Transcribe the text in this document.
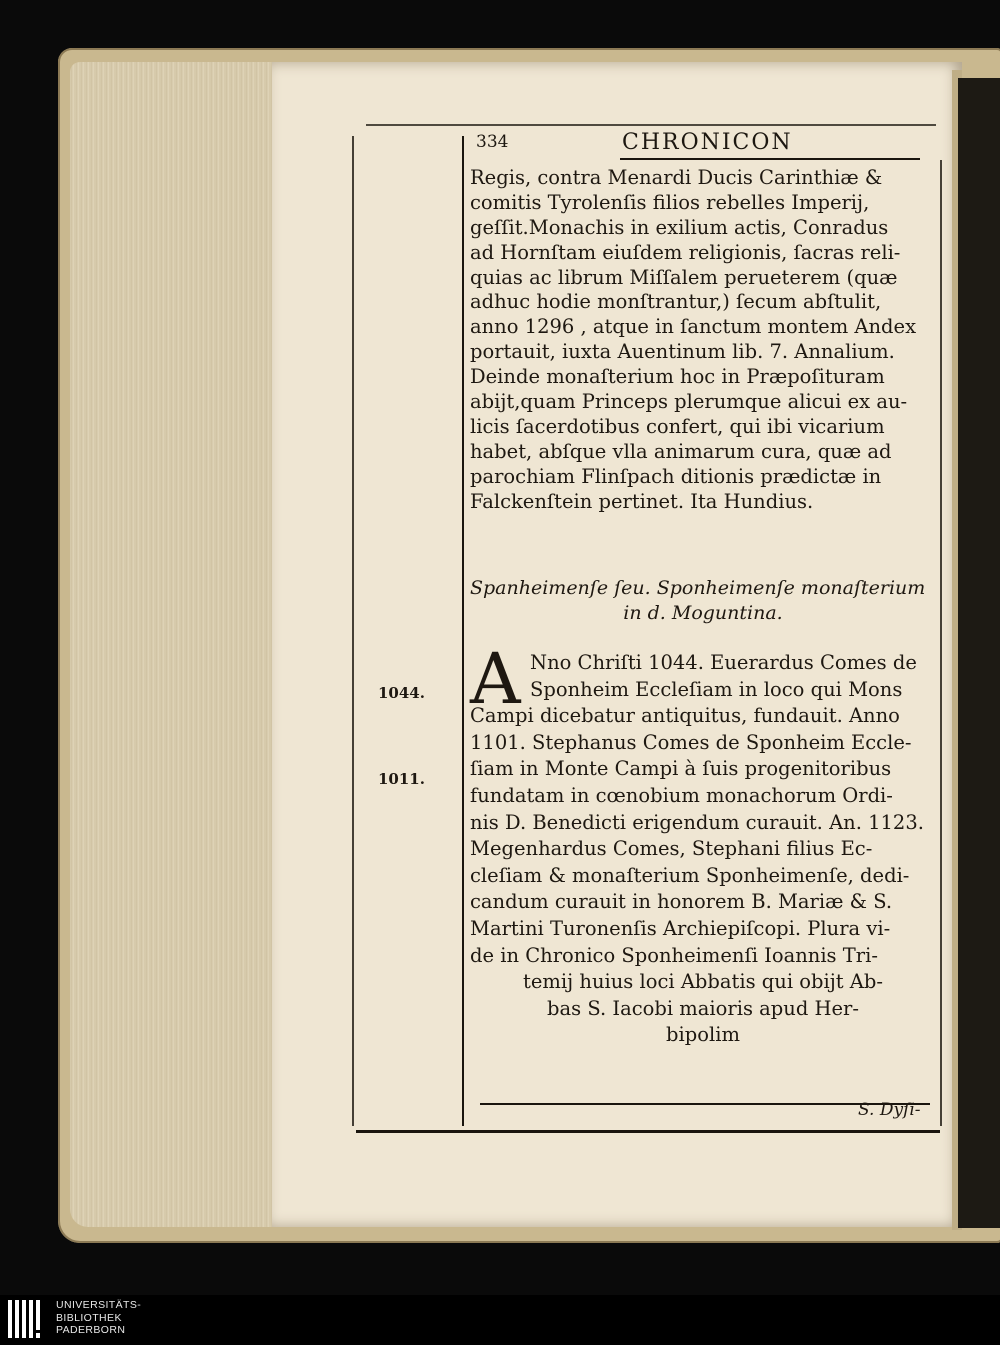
334	CHRONICON
Regis, contra Menardi Ducis Carinthiæ &
comitis Tyrolenſis filios rebelles Imperij,
geſſit.Monachis in exilium actis, Conradus
ad Hornſtam eiuſdem religionis, ſacras reli-
quias ac librum Miſſalem perueterem (quæ
adhuc hodie monſtrantur,) ſecum abſtulit,
anno 1296 , atque in ſanctum montem Andex
portauit, iuxta Auentinum lib. 7. Annalium.
Deinde monaſterium hoc in Præpoſituram
abijt,quam Princeps plerumque alicui ex au-
licis ſacerdotibus confert, qui ibi vicarium
habet, abſque vlla animarum cura, quæ ad
parochiam Flinſpach ditionis prædictæ in
Falckenſtein pertinet. Ita Hundius.
Spanheimenſe ſeu. Sponheimenſe monaſterium
in d. Moguntina.
A Nno Chriſti 1044. Euerardus Comes de
Sponheim Eccleſiam in loco qui Mons
Campi dicebatur antiquitus, fundauit. Anno
1101. Stephanus Comes de Sponheim Eccle-
ſiam in Monte Campi à ſuis progenitoribus
fundatam in cœnobium monachorum Ordi-
nis D. Benedicti erigendum curauit. An. 1123.
Megenhardus Comes, Stephani filius Ec-
cleſiam & monaſterium Sponheimenſe, dedi-
candum curauit in honorem B. Mariæ & S.
Martini Turonenſis Archiepiſcopi. Plura vi-
de in Chronico Sponheimenſi Ioannis Tri-
temij huius loci Abbatis qui obijt Ab-
bas S. Iacobi maioris apud Her-
bipolim
1044.
1011.
S. Dyſi-
UNIVERSITÄTS-
BIBLIOTHEK
PADERBORN
